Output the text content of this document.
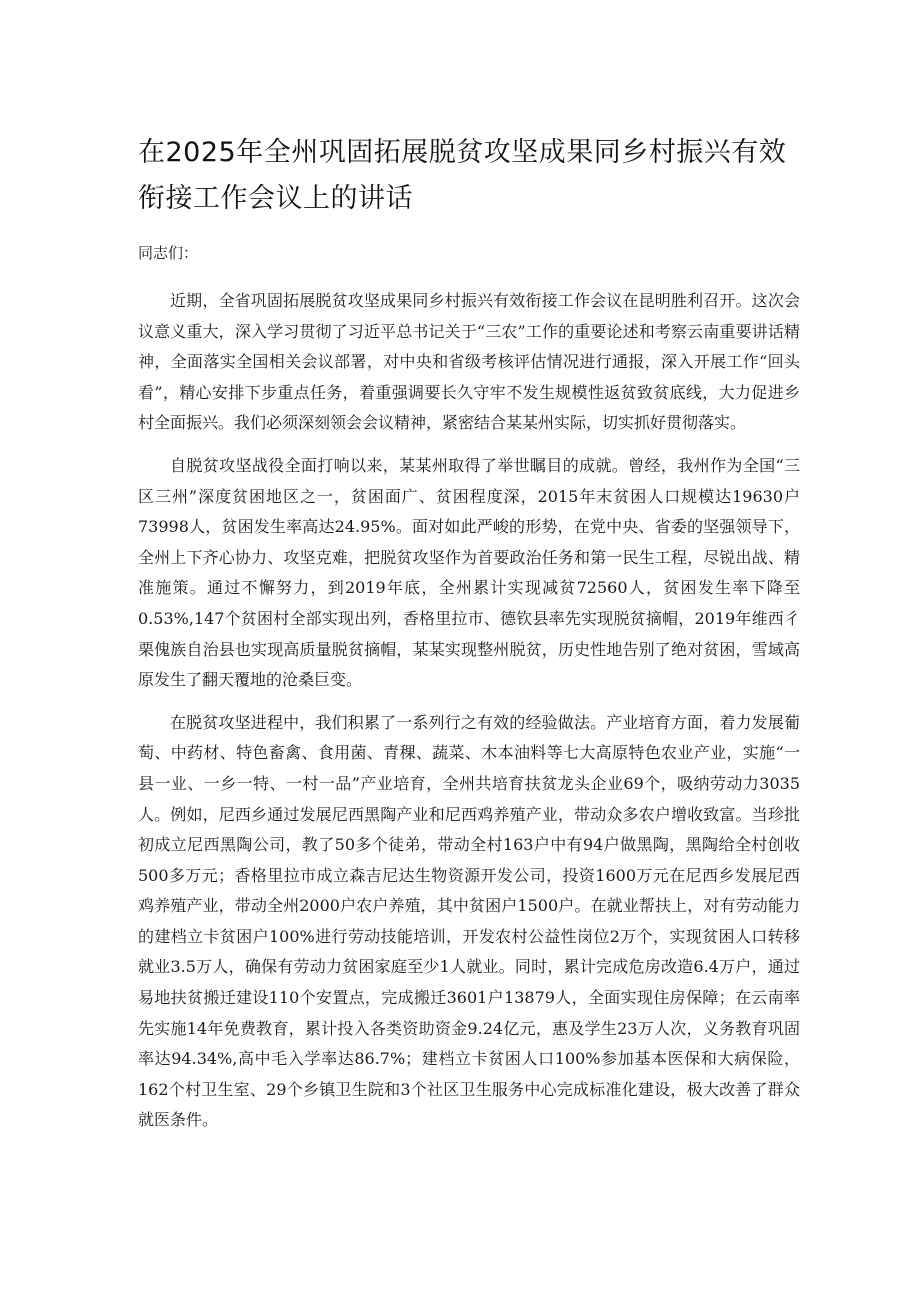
在2025年全州巩固拓展脱贫攻坚成果同乡村振兴有效衔接工作会议上的讲话

同志们：

近期，全省巩固拓展脱贫攻坚成果同乡村振兴有效衔接工作会议在昆明胜利召开。这次会议意义重大，深入学习贯彻了习近平总书记关于“三农”工作的重要论述和考察云南重要讲话精神，全面落实全国相关会议部署，对中央和省级考核评估情况进行通报，深入开展工作“回头看”，精心安排下步重点任务，着重强调要长久守牢不发生规模性返贫致贫底线，大力促进乡村全面振兴。我们必须深刻领会会议精神，紧密结合某某州实际，切实抓好贯彻落实。

自脱贫攻坚战役全面打响以来，某某州取得了举世瞩目的成就。曾经，我州作为全国“三区三州”深度贫困地区之一，贫困面广、贫困程度深，2015年末贫困人口规模达19630户73998人，贫困发生率高达24.95%。面对如此严峻的形势，在党中央、省委的坚强领导下，全州上下齐心协力、攻坚克难，把脱贫攻坚作为首要政治任务和第一民生工程，尽锐出战、精准施策。通过不懈努力，到2019年底，全州累计实现减贫72560人，贫困发生率下降至0.53%,147个贫困村全部实现出列，香格里拉市、德钦县率先实现脱贫摘帽，2019年维西彳栗傀族自治县也实现高质量脱贫摘帽，某某实现整州脱贫，历史性地告别了绝对贫困，雪域高原发生了翻天覆地的沧桑巨变。

在脱贫攻坚进程中，我们积累了一系列行之有效的经验做法。产业培育方面，着力发展葡萄、中药材、特色畜禽、食用菌、青稞、蔬菜、木本油料等七大高原特色农业产业，实施“一县一业、一乡一特、一村一品”产业培育，全州共培育扶贫龙头企业69个，吸纳劳动力3035人。例如，尼西乡通过发展尼西黑陶产业和尼西鸡养殖产业，带动众多农户增收致富。当珍批初成立尼西黑陶公司，教了50多个徒弟，带动全村163户中有94户做黑陶，黑陶给全村创收500多万元；香格里拉市成立森吉尼达生物资源开发公司，投资1600万元在尼西乡发展尼西鸡养殖产业，带动全州2000户农户养殖，其中贫困户1500户。在就业帮扶上，对有劳动能力的建档立卡贫困户100%进行劳动技能培训，开发农村公益性岗位2万个，实现贫困人口转移就业3.5万人，确保有劳动力贫困家庭至少1人就业。同时，累计完成危房改造6.4万户，通过易地扶贫搬迁建设110个安置点，完成搬迁3601户13879人，全面实现住房保障；在云南率先实施14年免费教育，累计投入各类资助资金9.24亿元，惠及学生23万人次，义务教育巩固率达94.34%,高中毛入学率达86.7%；建档立卡贫困人口100%参加基本医保和大病保险，162个村卫生室、29个乡镇卫生院和3个社区卫生服务中心完成标准化建设，极大改善了群众就医条件。
